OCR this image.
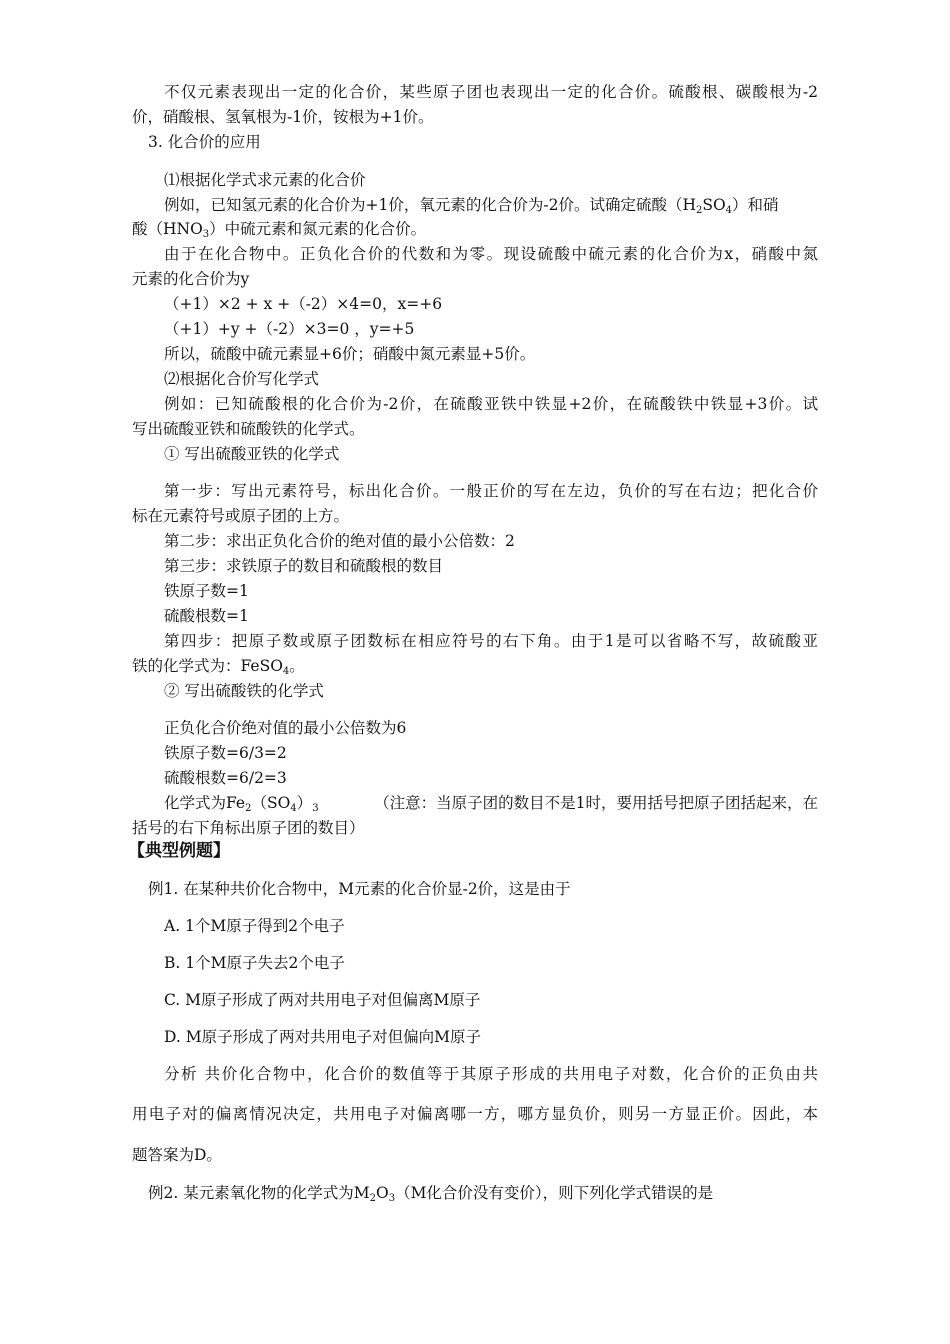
不仅元素表现出一定的化合价，某些原子团也表现出一定的化合价。硫酸根、碳酸根为-2
价，硝酸根、氢氧根为-1价，铵根为+1价。
3. 化合价的应用
⑴根据化学式求元素的化合价
例如，已知氢元素的化合价为+1价，氧元素的化合价为-2价。试确定硫酸$(H_2SO_4)$和硝
酸$(HNO_3)$中硫元素和氮元素的化合价。
由于在化合物中。正负化合价的代数和为零。现设硫酸中硫元素的化合价为x，硝酸中氮
元素的化合价为y
（+1）×2 + x +（-2）×4=0，x=+6
（+1）+y +（-2）×3=0 ，y=+5
所以，硫酸中硫元素显+6价；硝酸中氮元素显+5价。
⑵根据化合价写化学式
例如：已知硫酸根的化合价为-2价，在硫酸亚铁中铁显+2价，在硫酸铁中铁显+3价。试
写出硫酸亚铁和硫酸铁的化学式。
① 写出硫酸亚铁的化学式
第一步：写出元素符号，标出化合价。一般正价的写在左边，负价的写在右边；把化合价
标在元素符号或原子团的上方。
第二步：求出正负化合价的绝对值的最小公倍数：2
第三步：求铁原子的数目和硫酸根的数目
铁原子数=1
硫酸根数=1
第四步：把原子数或原子团数标在相应符号的右下角。由于1是可以省略不写，故硫酸亚
铁的化学式为：FeSO$_4$。
② 写出硫酸铁的化学式
正负化合价绝对值的最小公倍数为6
铁原子数=6/3=2
硫酸根数=6/2=3
化学式为$Fe_2(SO_4)_3$	（注意：当原子团的数目不是1时，要用括号把原子团括起来，在
括号的右下角标出原子团的数目）
【典型例题】
例1. 在某种共价化合物中，M元素的化合价显-2价，这是由于
A. 1个M原子得到2个电子
B. 1个M原子失去2个电子
C. M原子形成了两对共用电子对但偏离M原子
D. M原子形成了两对共用电子对但偏向M原子
分析 共价化合物中，化合价的数值等于其原子形成的共用电子对数，化合价的正负由共
用电子对的偏离情况决定，共用电子对偏离哪一方，哪方显负价，则另一方显正价。因此，本
题答案为D。
例2. 某元素氧化物的化学式为$M_2O_3(M$化合价没有变价），则下列化学式错误的是
